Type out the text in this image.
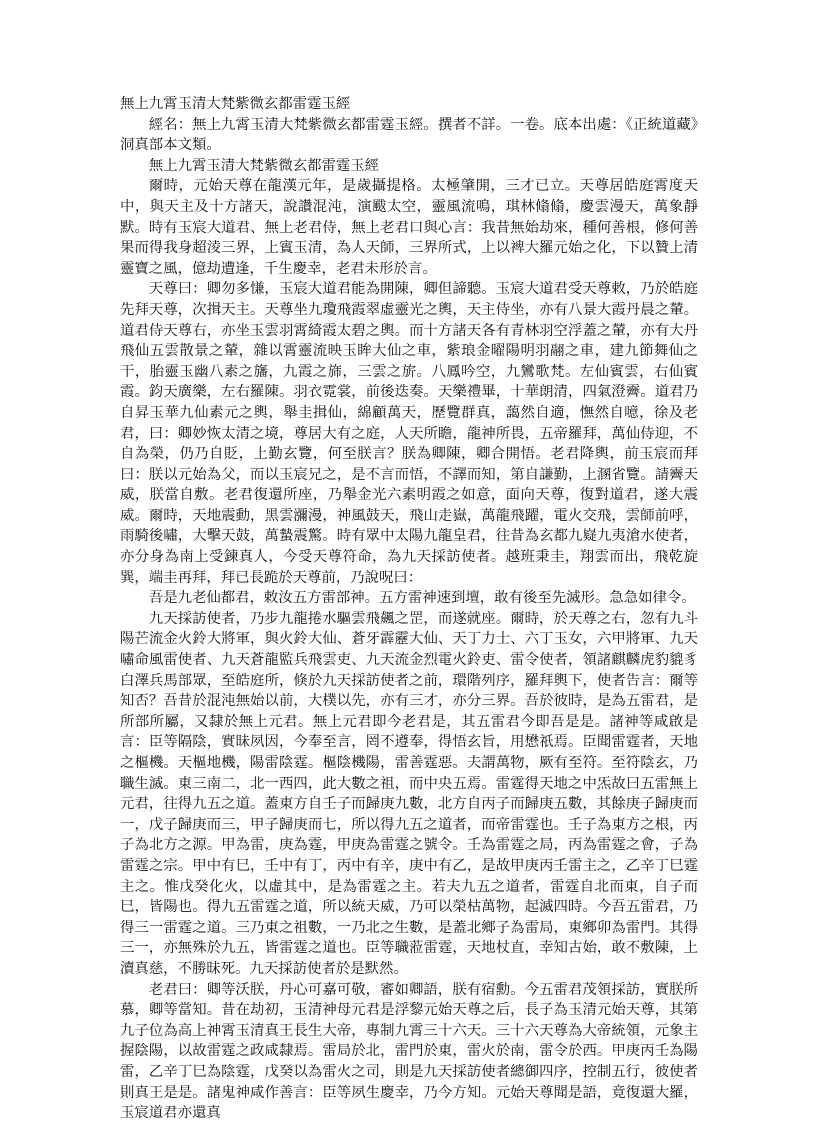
無上九霄玉清大梵紫微玄都雷霆玉經

經名：無上九霄玉清大梵紫微玄都雷霆玉經。撰者不詳。一卷。底本出處：《正統道藏》洞真部本文類。

無上九霄玉清大梵紫微玄都雷霆玉經

爾時，元始天尊在龍漢元年，是歲攝提格。太極肇開，三才已立。天尊居皓庭霄度天中，與天主及十方諸天，說讚混沌，演颰太空，靈風流鳴，琪林翛翛，慶雲漫天，萬象靜默。時有玉宸大道君、無上老君侍，無上老君口與心言：我昔無始劫來，種何善根，修何善果而得我身超淩三界，上賓玉清，為人天師，三界所式，上以裨大羅元始之化，下以贊上清靈寶之風，億劫遭逢，千生慶幸，老君未形於言。

天尊曰：卿勿多慊，玉宸大道君能為開陳，卿但諦聽。玉宸大道君受天尊敕，乃於皓庭先拜天尊，次揖天主。天尊坐九瓊飛霞翠虛靈光之輿，天主侍坐，亦有八景大霞丹晨之輦。道君侍天尊右，亦坐玉雲羽霄綺霞太碧之輿。而十方諸天各有青林羽空浮蓋之輦，亦有大丹飛仙五雲散景之輦，雜以霄靈流映玉眸大仙之車，紫琅金曜陽明羽翮之車，建九節舞仙之干，胎靈玉幽八素之旛，九霞之旆，三雲之旂。八鳳吟空，九鸞歌梵。左仙賓雲，右仙賓霞。鈞天廣樂，左右羅陳。羽衣霓裳，前後迭奏。天樂禮畢，十華朗清，四氣澄霽。道君乃自昇玉華九仙素元之輿，舉圭揖仙，綿顧萬天，歷覽群真，藹然自適，憮然自噫，徐及老君，曰：卿妙恢太清之境，尊居大有之庭，人天所瞻，龍神所畏，五帝羅拜，萬仙侍迎，不自為榮，仍乃自貶，上勤玄覽，何至朕言？朕為卿陳，卿合開悟。老君降輿，前玉宸而拜曰：朕以元始為父，而以玉宸兄之，是不言而悟，不譯而知，第自謙勤，上溷省覽。請霽天威，朕當自敷。老君復還所座，乃舉金光六素明霞之如意，面向天尊，復對道君，遂大震威。爾時，天地震動，黑雲瀰漫，神風鼓天，飛山走嶽，萬龍飛躍，電火交飛，雲師前呼，雨騎後嘯，大擊天鼓，萬蟄震驚。時有眾中太陽九龍皇君，往昔為玄都九嶷九夷滄水使者，亦分身為南上受鍊真人，今受天尊符命，為九天採訪使者。越班秉圭，翔雲而出，飛乾旋巽，端圭再拜，拜已長跪於天尊前，乃說呪曰：

吾是九老仙都君，敕汝五方雷部神。五方雷神速到壇，敢有後至先滅形。急急如律令。

九天採訪使者，乃步九龍捲水驅雲飛飆之罡，而遂就座。爾時，於天尊之右，忽有九斗陽芒流金火鈴大將軍，與火鈴大仙、蒼牙霹靂大仙、天丁力士、六丁玉女，六甲將軍、九天嘯命風雷使者、九天蒼龍監兵飛雲吏、九天流金烈電火鈴吏、雷令使者，領諸麒麟虎豹貔豸白澤兵馬部眾，至皓庭所，倏於九天採訪使者之前，環階列序，羅拜輿下，使者告言：爾等知否？吾昔於混沌無始以前，大樸以先，亦有三才，亦分三界。吾於彼時，是為五雷君，是所部所屬，又隸於無上元君。無上元君即今老君是，其五雷君今即吾是是。諸神等咸啟是言：臣等隔陰，實昧夙因，今奉至言，罔不遵奉，得悟玄旨，用懋祇焉。臣聞雷霆者，天地之樞機。天樞地機，陽雷陰霆。樞陰機陽，雷善霆惡。夫謂萬物，厥有至符。至符陰玄，乃職生滅。東三南二，北一西四，此大數之祖，而中央五焉。雷霆得天地之中炁故曰五雷無上元君，往得九五之道。蓋東方自壬子而歸庚九數，北方自丙子而歸庚五數，其餘庚子歸庚而一，戊子歸庚而三，甲子歸庚而七，所以得九五之道者，而帝雷霆也。壬子為東方之根，丙子為北方之源。甲為雷，庚為霆，甲庚為雷霆之號令。壬為雷霆之局，丙為雷霆之會，子為雷霆之宗。甲中有巳，壬中有丁，丙中有辛，庚中有乙，是故甲庚丙壬雷主之，乙辛丁巳霆主之。惟戊癸化火，以虛其中，是為雷霆之主。若夫九五之道者，雷霆自北而東，自子而巳，皆陽也。得九五雷霆之道，所以統天威，乃可以榮枯萬物，起滅四時。今吾五雷君，乃得三一雷霆之道。三乃東之祖數，一乃北之生數，是蓋北鄉子為雷局，東鄉卯為雷門。其得三一，亦無殊於九五，皆雷霆之道也。臣等職蒞雷霆，天地杖直，幸知古始，敢不敷陳，上瀆真慈，不勝昧死。九天採訪使者於是默然。

老君曰：卿等沃朕，丹心可嘉可敬，審如卿語，朕有宿勳。今五雷君茂領採訪，實朕所慕，卿等當知。昔在劫初，玉清神母元君是浮黎元始天尊之后，長子為玉清元始天尊，其第九子位為高上神霄玉清真王長生大帝，專制九霄三十六天。三十六天尊為大帝統領，元象主握陰陽，以故雷霆之政咸隸焉。雷局於北，雷門於東，雷火於南，雷令於西。甲庚丙壬為陽雷，乙辛丁巳為陰霆，戊癸以為雷火之司，則是九天採訪使者總御四序，控制五行，彼使者則真王是是。諸鬼神咸作善言：臣等夙生慶幸，乃今方知。元始天尊聞是語，竟復還大羅，玉宸道君亦還真
